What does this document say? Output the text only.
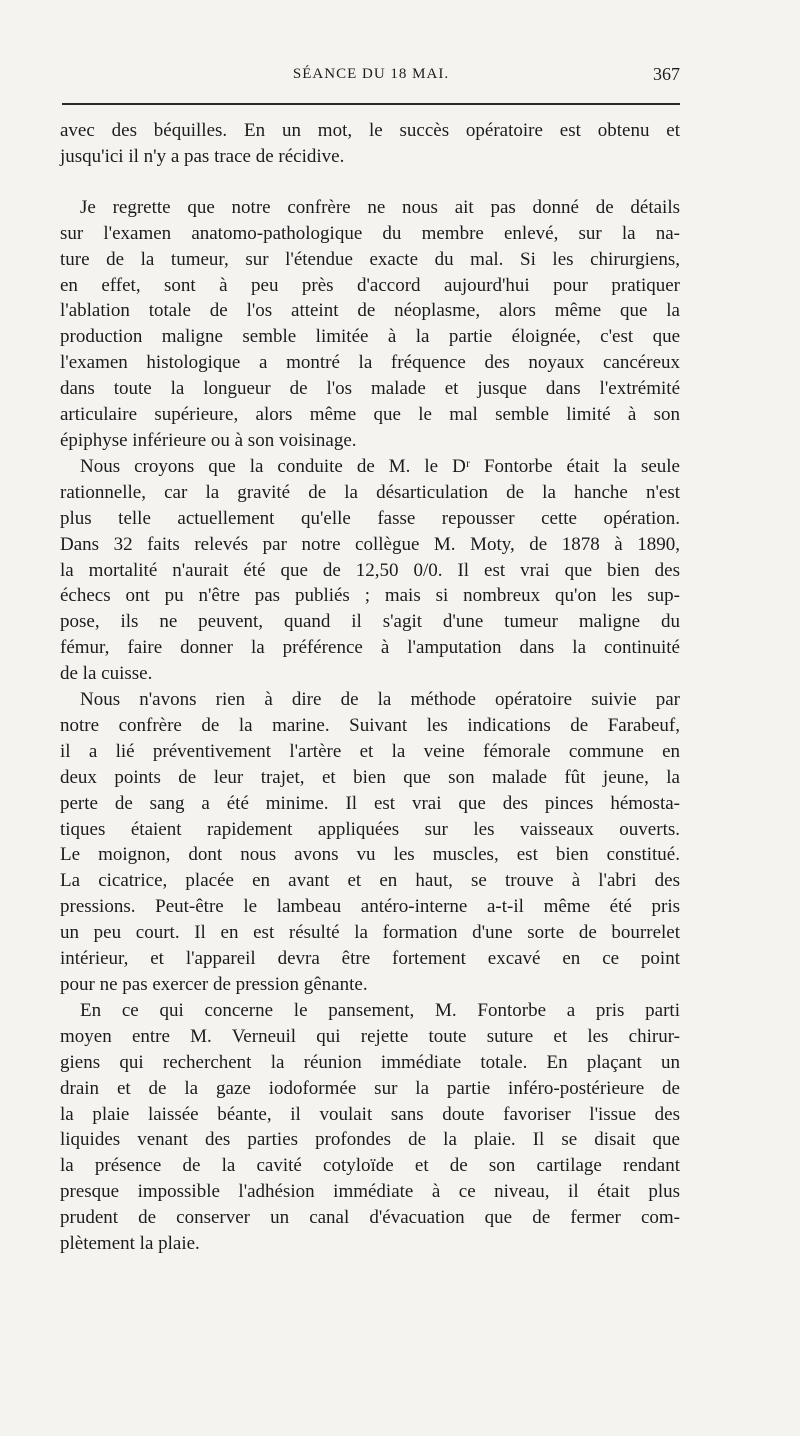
SÉANCE DU 18 MAI.	367

avec des béquilles. En un mot, le succès opératoire est obtenu et
jusqu'ici il n'y a pas trace de récidive.

Je regrette que notre confrère ne nous ait pas donné de détails
sur l'examen anatomo-pathologique du membre enlevé, sur la na-
ture de la tumeur, sur l'étendue exacte du mal. Si les chirurgiens,
en effet, sont à peu près d'accord aujourd'hui pour pratiquer
l'ablation totale de l'os atteint de néoplasme, alors même que la
production maligne semble limitée à la partie éloignée, c'est que
l'examen histologique a montré la fréquence des noyaux cancéreux
dans toute la longueur de l'os malade et jusque dans l'extrémité
articulaire supérieure, alors même que le mal semble limité à son
épiphyse inférieure ou à son voisinage.

Nous croyons que la conduite de M. le Dʳ Fontorbe était la seule
rationnelle, car la gravité de la désarticulation de la hanche n'est
plus telle actuellement qu'elle fasse repousser cette opération.
Dans 32 faits relevés par notre collègue M. Moty, de 1878 à 1890,
la mortalité n'aurait été que de 12,50 0/0. Il est vrai que bien des
échecs ont pu n'être pas publiés ; mais si nombreux qu'on les sup-
pose, ils ne peuvent, quand il s'agit d'une tumeur maligne du
fémur, faire donner la préférence à l'amputation dans la continuité
de la cuisse.

Nous n'avons rien à dire de la méthode opératoire suivie par
notre confrère de la marine. Suivant les indications de Farabeuf,
il a lié préventivement l'artère et la veine fémorale commune en
deux points de leur trajet, et bien que son malade fût jeune, la
perte de sang a été minime. Il est vrai que des pinces hémosta-
tiques étaient rapidement appliquées sur les vaisseaux ouverts.
Le moignon, dont nous avons vu les muscles, est bien constitué.
La cicatrice, placée en avant et en haut, se trouve à l'abri des
pressions. Peut-être le lambeau antéro-interne a-t-il même été pris
un peu court. Il en est résulté la formation d'une sorte de bourrelet
intérieur, et l'appareil devra être fortement excavé en ce point
pour ne pas exercer de pression gênante.

En ce qui concerne le pansement, M. Fontorbe a pris parti
moyen entre M. Verneuil qui rejette toute suture et les chirur-
giens qui recherchent la réunion immédiate totale. En plaçant un
drain et de la gaze iodoformée sur la partie inféro-postérieure de
la plaie laissée béante, il voulait sans doute favoriser l'issue des
liquides venant des parties profondes de la plaie. Il se disait que
la présence de la cavité cotyloïde et de son cartilage rendant
presque impossible l'adhésion immédiate à ce niveau, il était plus
prudent de conserver un canal d'évacuation que de fermer com-
plètement la plaie.
